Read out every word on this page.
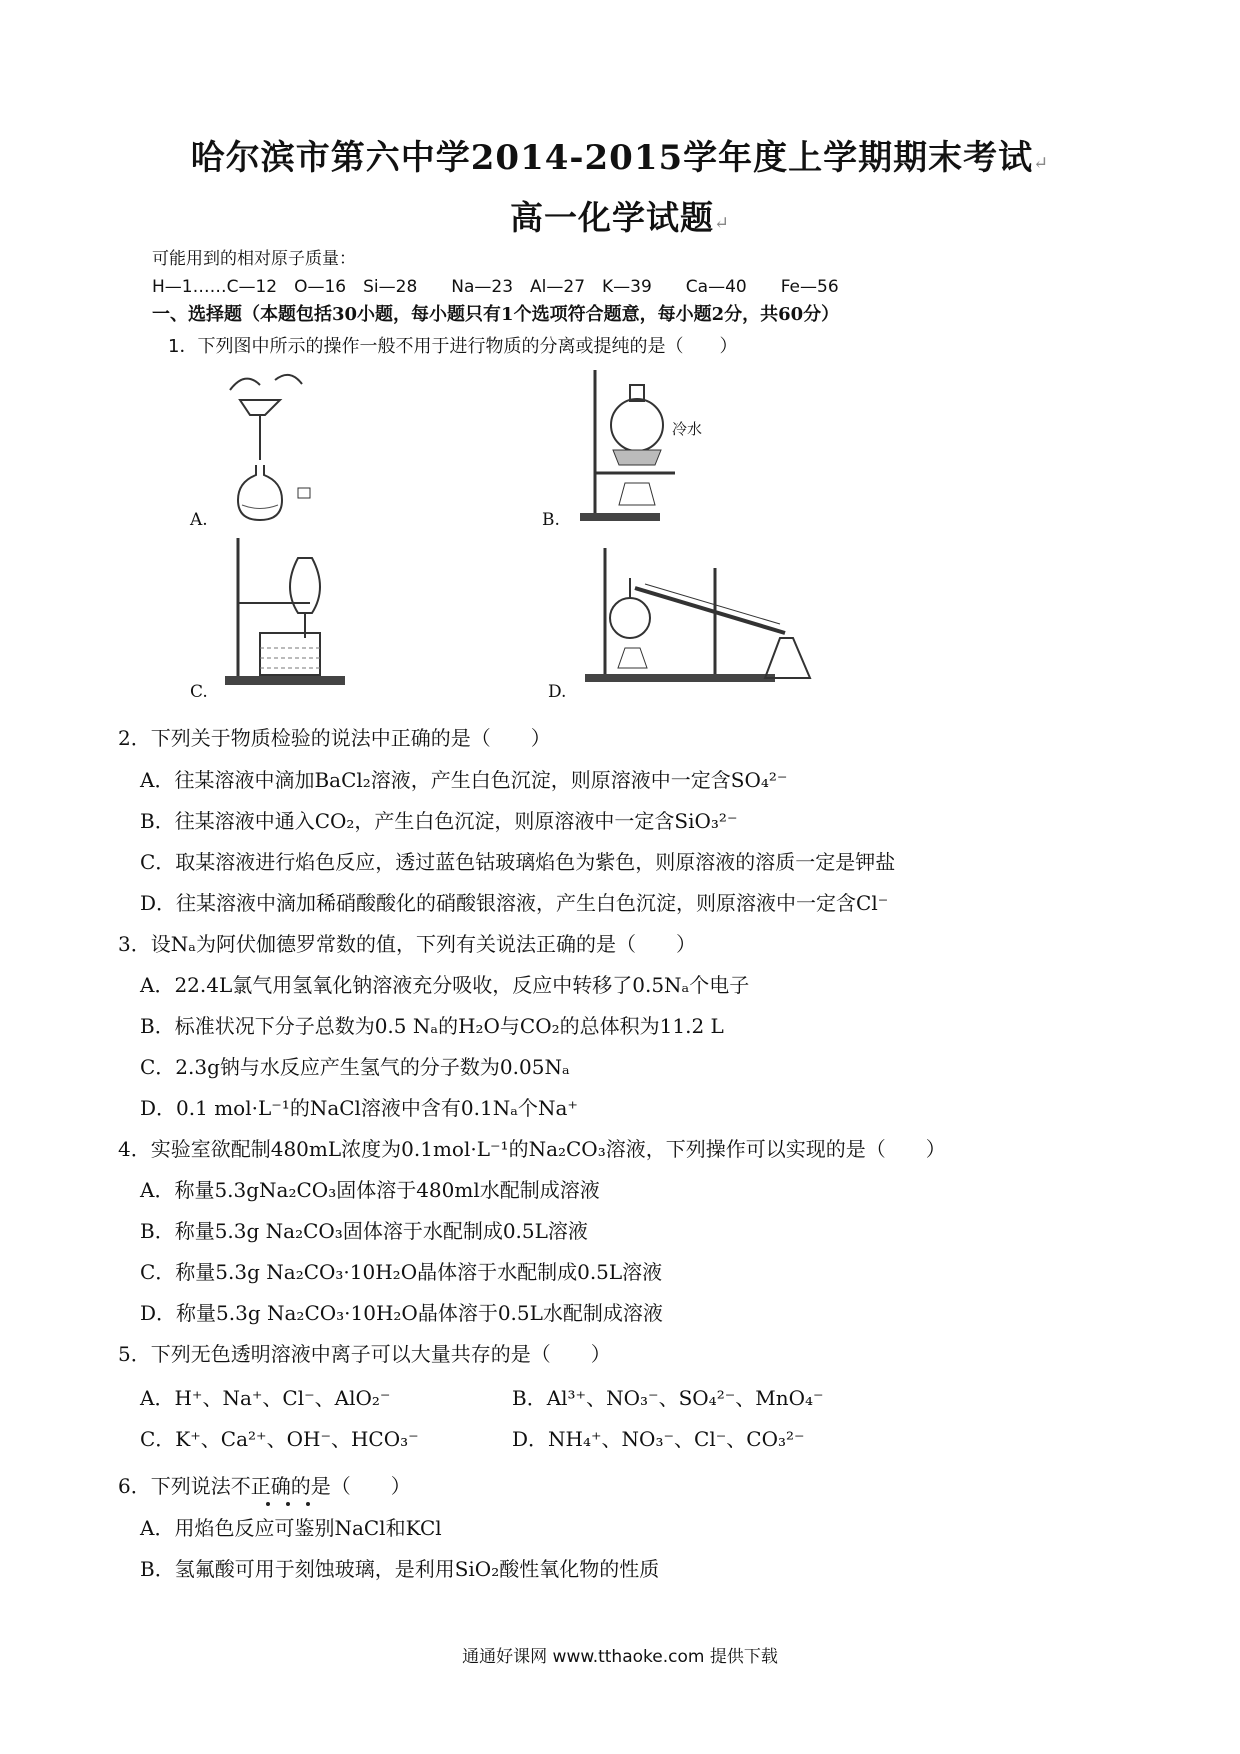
哈尔滨市第六中学2014-2015学年度上学期期末考试↵
高一化学试题↵
可能用到的相对原子质量：
H—1……C—12　O—16　Si—28　　Na—23　Al—27　K—39　　Ca—40　　Fe—56
一、选择题（本题包括30小题，每小题只有1个选项符合题意，每小题2分，共60分）
1．下列图中所示的操作一般不用于进行物质的分离或提纯的是（　　）
A.
冷水
B.
C.	D.
2．下列关于物质检验的说法中正确的是（　　）
A．往某溶液中滴加BaCl₂溶液，产生白色沉淀，则原溶液中一定含SO₄²⁻
B．往某溶液中通入CO₂，产生白色沉淀，则原溶液中一定含SiO₃²⁻
C．取某溶液进行焰色反应，透过蓝色钴玻璃焰色为紫色，则原溶液的溶质一定是钾盐
D．往某溶液中滴加稀硝酸酸化的硝酸银溶液，产生白色沉淀，则原溶液中一定含Cl⁻
3．设Nₐ为阿伏伽德罗常数的值，下列有关说法正确的是（　　）
A．22.4L氯气用氢氧化钠溶液充分吸收，反应中转移了0.5Nₐ个电子
B．标准状况下分子总数为0.5 Nₐ的H₂O与CO₂的总体积为11.2 L
C．2.3g钠与水反应产生氢气的分子数为0.05Nₐ
D．0.1 mol·L⁻¹的NaCl溶液中含有0.1Nₐ个Na⁺
4．实验室欲配制480mL浓度为0.1mol·L⁻¹的Na₂CO₃溶液，下列操作可以实现的是（　　）
A．称量5.3gNa₂CO₃固体溶于480ml水配制成溶液
B．称量5.3g Na₂CO₃固体溶于水配制成0.5L溶液
C．称量5.3g Na₂CO₃·10H₂O晶体溶于水配制成0.5L溶液
D．称量5.3g Na₂CO₃·10H₂O晶体溶于0.5L水配制成溶液
5．下列无色透明溶液中离子可以大量共存的是（　　）
A．H⁺、Na⁺、Cl⁻、AlO₂⁻	B．Al³⁺、NO₃⁻、SO₄²⁻、MnO₄⁻
C．K⁺、Ca²⁺、OH⁻、HCO₃⁻	D．NH₄⁺、NO₃⁻、Cl⁻、CO₃²⁻
6．下列说法不正确的是（　　）
A．用焰色反应可鉴别NaCl和KCl
B．氢氟酸可用于刻蚀玻璃，是利用SiO₂酸性氧化物的性质
通通好课网 www.tthaoke.com 提供下载
